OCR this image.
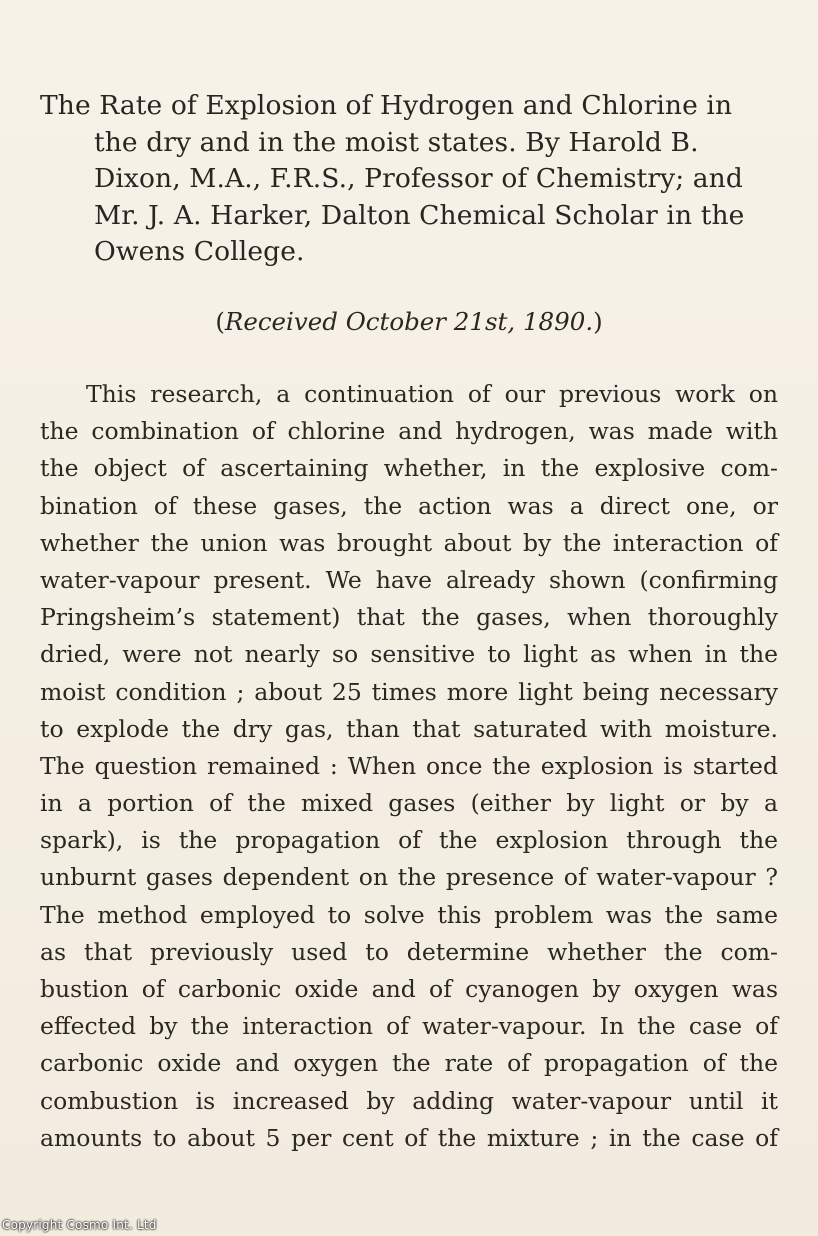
The Rate of Explosion of Hydrogen and Chlorine in
the dry and in the moist states. By Harold B.
Dixon, M.A., F.R.S., Professor of Chemistry; and
Mr. J. A. Harker, Dalton Chemical Scholar in the
Owens College.
(Received October 21st, 1890.)
This research, a continuation of our previous work on
the combination of chlorine and hydrogen, was made with
the object of ascertaining whether, in the explosive com-
bination of these gases, the action was a direct one, or
whether the union was brought about by the interaction of
water-vapour present. We have already shown (confirming
Pringsheim’s statement) that the gases, when thoroughly
dried, were not nearly so sensitive to light as when in the
moist condition ; about 25 times more light being necessary
to explode the dry gas, than that saturated with moisture.
The question remained : When once the explosion is started
in a portion of the mixed gases (either by light or by a
spark), is the propagation of the explosion through the
unburnt gases dependent on the presence of water-vapour ?
The method employed to solve this problem was the same
as that previously used to determine whether the com-
bustion of carbonic oxide and of cyanogen by oxygen was
effected by the interaction of water-vapour. In the case of
carbonic oxide and oxygen the rate of propagation of the
combustion is increased by adding water-vapour until it
amounts to about 5 per cent of the mixture ; in the case of
Copyright Cosmo Int. Ltd
